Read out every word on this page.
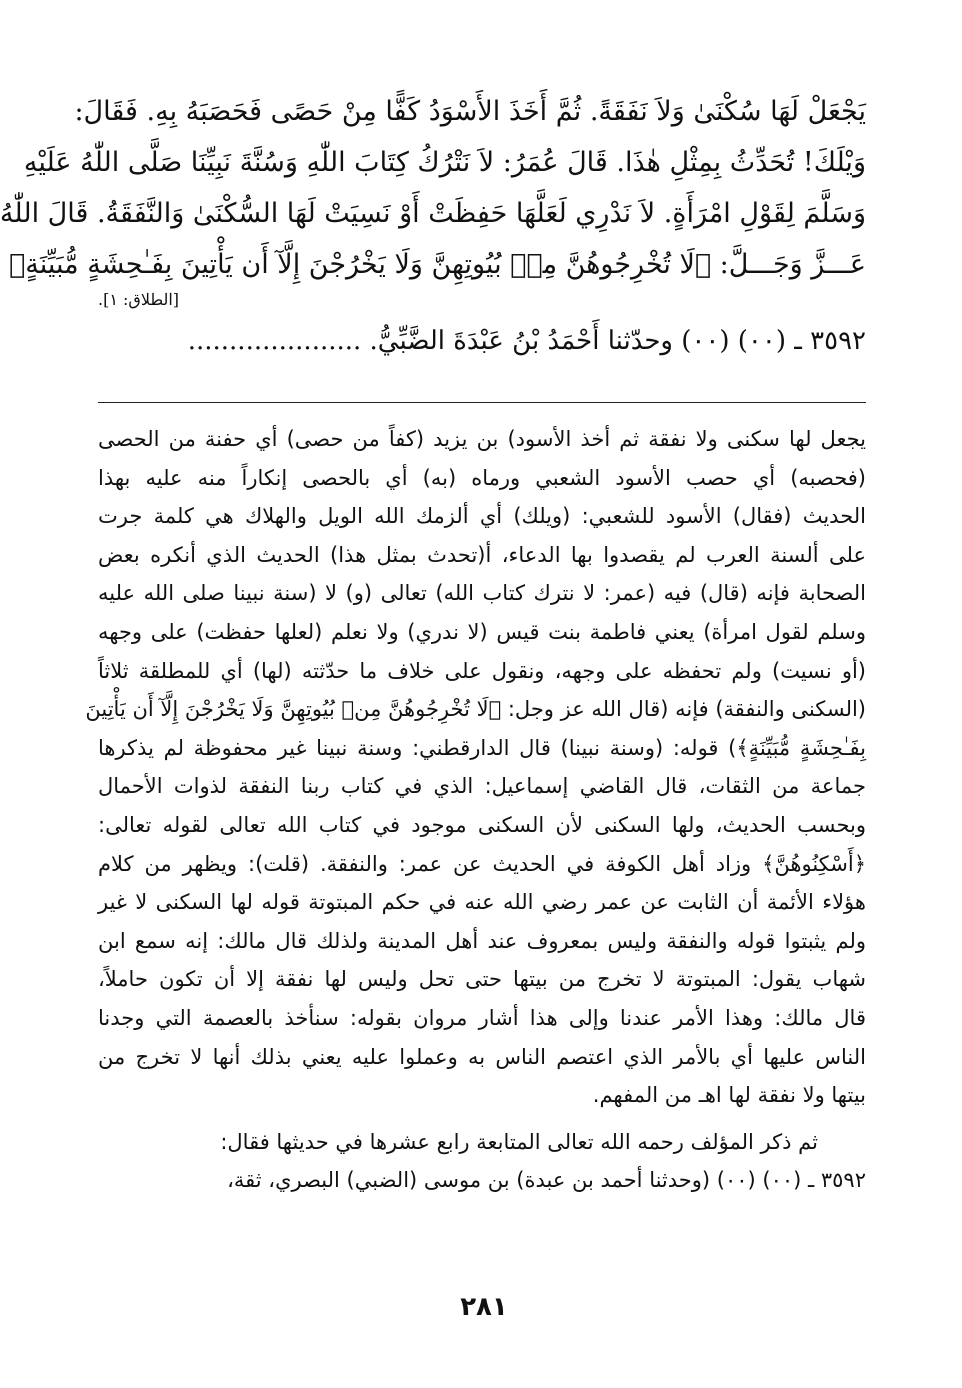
يَجْعَلْ لَهَا سُكْنَىٰ وَلاَ نَفَقَةً. ثُمَّ أَخَذَ الأَسْوَدُ كَفًّا مِنْ حَصًى فَحَصَبَهُ بِهِ. فَقَالَ:
وَيْلَكَ! تُحَدِّثُ بِمِثْلِ هٰذَا. قَالَ عُمَرُ: لاَ نَتْرُكُ كِتَابَ اللّٰهِ وَسُنَّةَ نَبِيِّنَا صَلَّى اللّٰهُ عَلَيْهِ
وَسَلَّمَ لِقَوْلِ امْرَأَةٍ. لاَ نَدْرِي لَعَلَّهَا حَفِظَتْ أَوْ نَسِيَتْ لَهَا السُّكْنَىٰ وَالنَّفَقَةُ. قَالَ اللّٰهُ
عَـــزَّ وَجَـــلَّ: ﴿لَا تُخْرِجُوهُنَّ مِنۢ بُيُوتِهِنَّ وَلَا يَخْرُجْنَ إِلَّآ أَن يَأْتِينَ بِفَـٰحِشَةٍ مُّبَيِّنَةٍ﴾
[الطلاق: ١].
٣٥٩٢ ـ (٠٠) (٠٠) وحدّثنا أَحْمَدُ بْنُ عَبْدَةَ الضَّبِّيُّ. .....................
يجعل لها سكنى ولا نفقة ثم أخذ الأسود) بن يزيد (كفاً من حصى) أي حفنة من الحصى
(فحصبه) أي حصب الأسود الشعبي ورماه (به) أي بالحصى إنكاراً منه عليه بهذا
الحديث (فقال) الأسود للشعبي: (ويلك) أي ألزمك الله الويل والهلاك هي كلمة جرت
على ألسنة العرب لم يقصدوا بها الدعاء، أ(تحدث بمثل هذا) الحديث الذي أنكره بعض
الصحابة فإنه (قال) فيه (عمر: لا نترك كتاب الله) تعالى (و) لا (سنة نبينا صلى الله عليه
وسلم لقول امرأة) يعني فاطمة بنت قيس (لا ندري) ولا نعلم (لعلها حفظت) على وجهه
(أو نسيت) ولم تحفظه على وجهه، ونقول على خلاف ما حدّثته (لها) أي للمطلقة ثلاثاً
(السكنى والنفقة) فإنه (قال الله عز وجل: ﴿لَا تُخْرِجُوهُنَّ مِنۢ بُيُوتِهِنَّ وَلَا يَخْرُجْنَ إِلَّآ أَن يَأْتِينَ
بِفَـٰحِشَةٍ مُّبَيِّنَةٍ﴾) قوله: (وسنة نبينا) قال الدارقطني: وسنة نبينا غير محفوظة لم يذكرها
جماعة من الثقات، قال القاضي إسماعيل: الذي في كتاب ربنا النفقة لذوات الأحمال
وبحسب الحديث، ولها السكنى لأن السكنى موجود في كتاب الله تعالى لقوله تعالى:
﴿أَسْكِنُوهُنَّ﴾ وزاد أهل الكوفة في الحديث عن عمر: والنفقة. (قلت): ويظهر من كلام
هؤلاء الأئمة أن الثابت عن عمر رضي الله عنه في حكم المبتوتة قوله لها السكنى لا غير
ولم يثبتوا قوله والنفقة وليس بمعروف عند أهل المدينة ولذلك قال مالك: إنه سمع ابن
شهاب يقول: المبتوتة لا تخرج من بيتها حتى تحل وليس لها نفقة إلا أن تكون حاملاً،
قال مالك: وهذا الأمر عندنا وإلى هذا أشار مروان بقوله: سنأخذ بالعصمة التي وجدنا
الناس عليها أي بالأمر الذي اعتصم الناس به وعملوا عليه يعني بذلك أنها لا تخرج من
بيتها ولا نفقة لها اهـ من المفهم.
ثم ذكر المؤلف رحمه الله تعالى المتابعة رابع عشرها في حديثها فقال:
٣٥٩٢ ـ (٠٠) (٠٠) (وحدثنا أحمد بن عبدة) بن موسى (الضبي) البصري، ثقة،
٢٨١
